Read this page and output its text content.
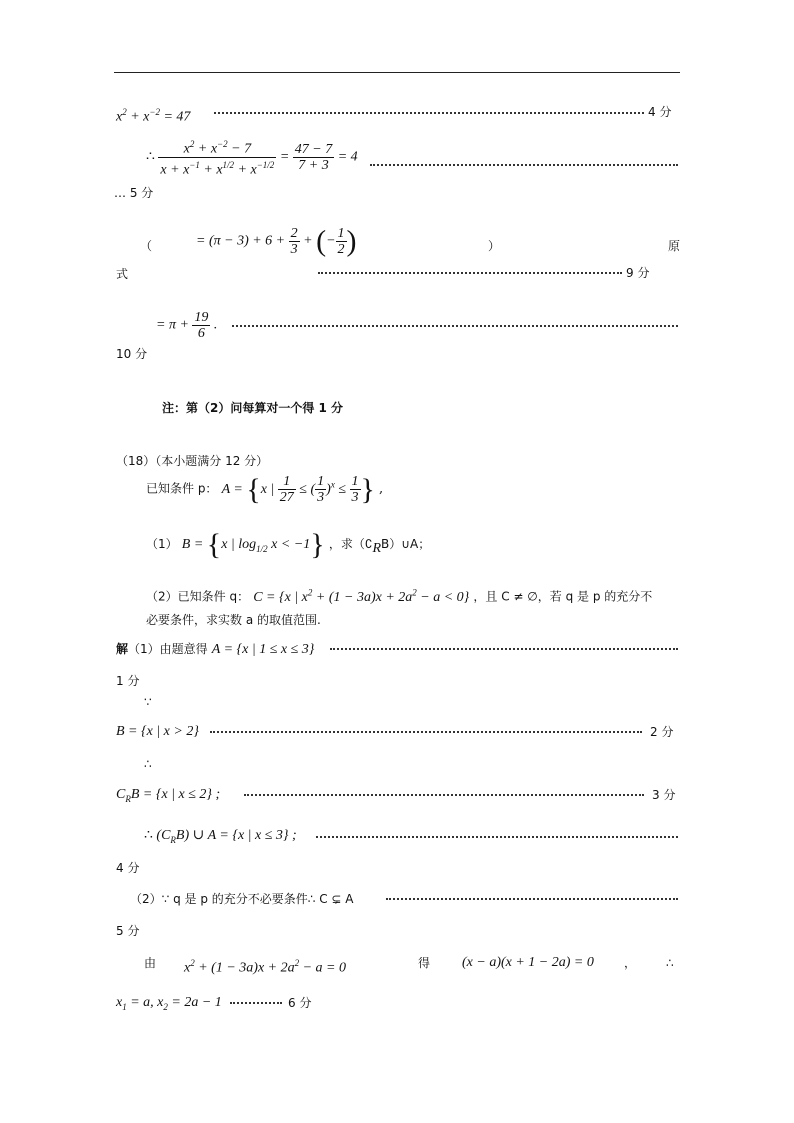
$x^2 + x^{-2} = 47$	4 分
∴ $\frac{x^2 + x^{-2} - 7}{x + x^{-1} + x^{1/2} + x^{-1/2}} = \frac{47 - 7}{7 + 3} = 4$
… 5 分
（	= $(\pi - 3) + 6 + \frac{2}{3}$ + (− $\frac{1}{2}$ )	）	原
式	9 分
= $\pi + \frac{19}{6}$ .
10 分
注：第（2）问每算对一个得 1 分
（18）（本小题满分 12 分）
已知条件 p： A = {x | $\frac{1}{27}$ ≤ ( $\frac{1}{3} )^x \le \frac{1}{3}$ } ,
（1） B = {x | $\log_{1/2} x < -1$} ，求$(∁_RB)\cup A$；
（2）已知条件 q： C = {x | $x^2 + (1 - 3a)x + 2a^2 - a < 0$} ，且 C ≠ ∅，若 q 是 p 的充分不
必要条件，求实数 a 的取值范围.
解（1）由题意得 A = {x | 1 ≤ x ≤ 3}
1 分
∵
B = {x | x > 2}	2 分
∴
$C_RB = \{x$ | x ≤ 2} ;	3 分
∴ $(C_RB)$ ∪ A = {x | x ≤ 3} ;
4 分
（2）∵ q 是 p 的充分不必要条件∴ C ⊊ A
5 分
由 $x^2 + (1 - 3a)x + 2a^2 - a = 0$	得 (x − a)(x + 1 − 2a) = 0	， ∴
$x_1 = a$, $x_2 = 2a - 1$	6 分
